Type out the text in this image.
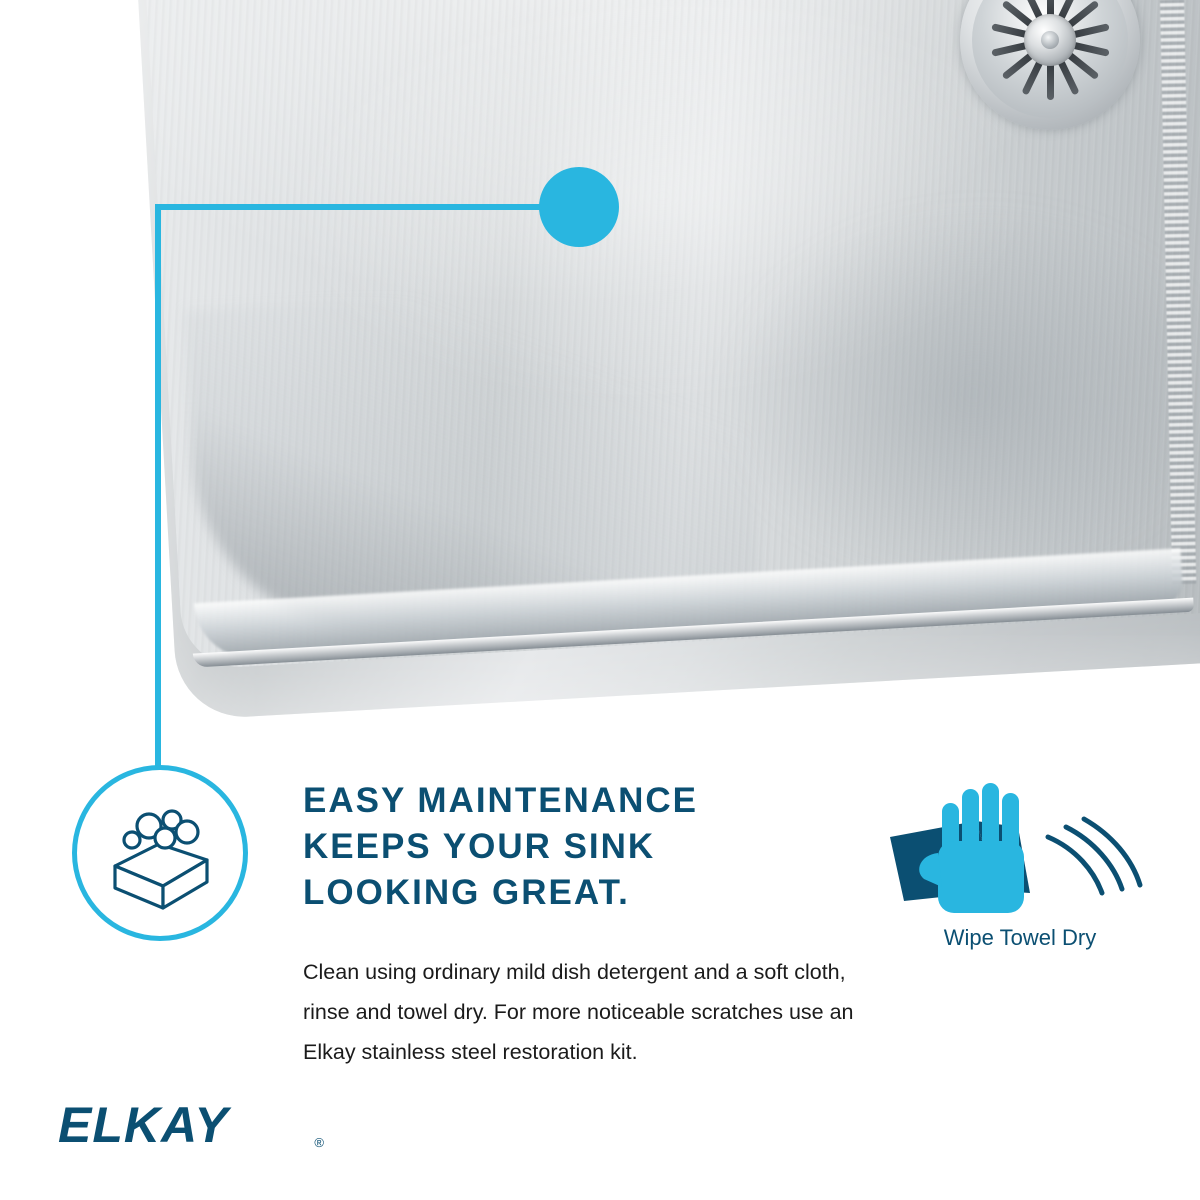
EASY MAINTENANCE
KEEPS YOUR SINK
LOOKING GREAT.

Clean using ordinary mild dish detergent and a soft cloth, rinse and towel dry. For more noticeable scratches use an Elkay stainless steel restoration kit.

Wipe Towel Dry
ELKAY	®
